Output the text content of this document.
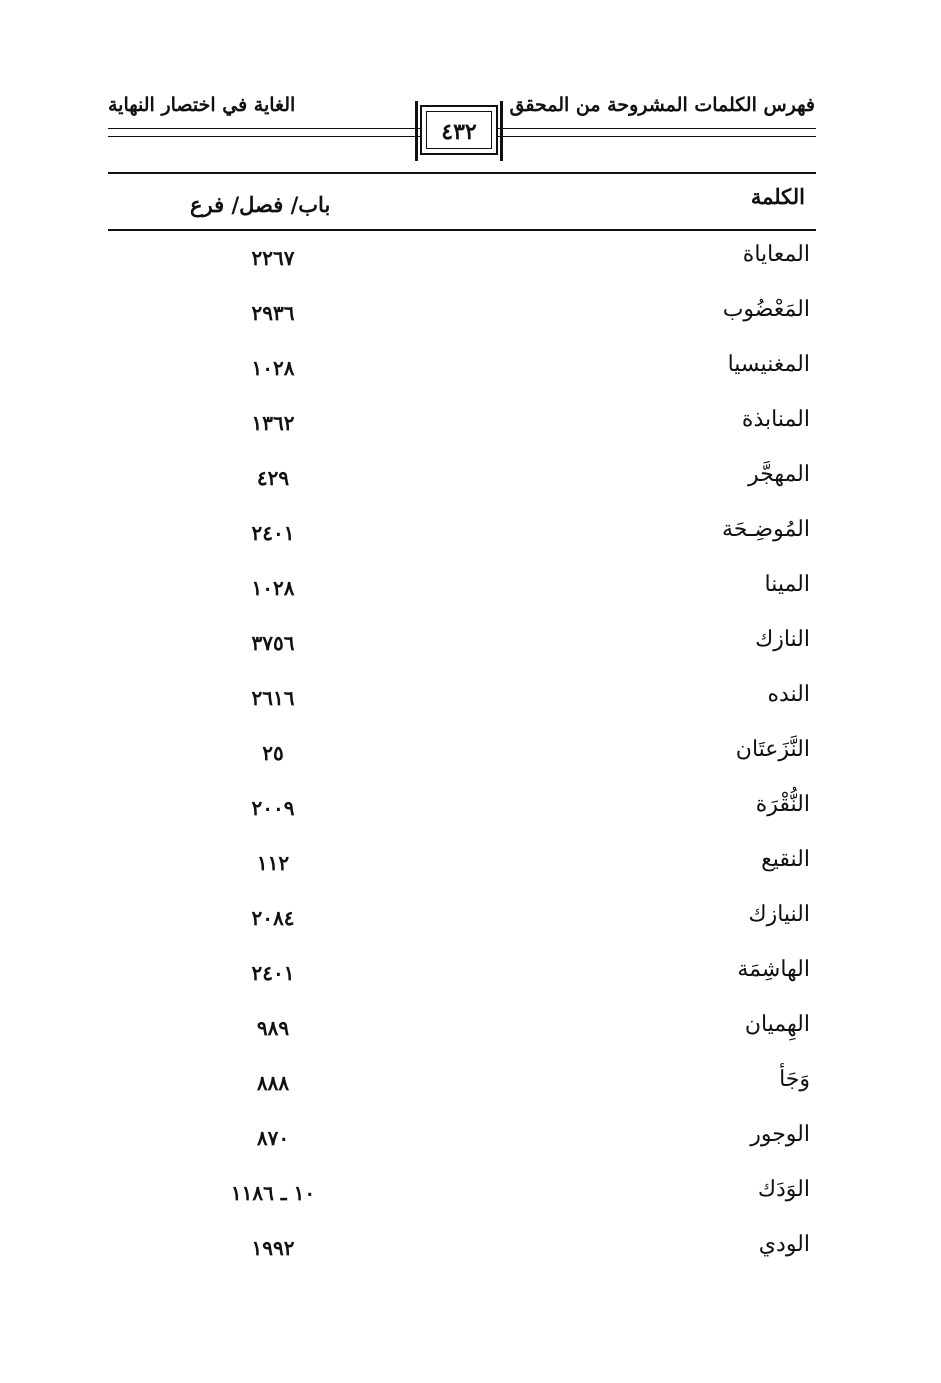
فهرس الكلمات المشروحة من المحقق
الغاية في اختصار النهاية
٤٣٢
الكلمة
باب/ فصل/ فرع
المعاياة
٢٢٦٧
المَعْضُوب
٢٩٣٦
المغنيسيا
١٠٢٨
المنابذة
١٣٦٢
المهجَّر
٤٢٩
المُوضِـحَة
٢٤٠١
المينا
١٠٢٨
النازك
٣٧٥٦
النده
٢٦١٦
النَّزَعتَان
٢٥
النُّقْرَة
٢٠٠٩
النقيع
١١٢
النيازك
٢٠٨٤
الهاشِمَة
٢٤٠١
الهِميان
٩٨٩
وَجَأ
٨٨٨
الوجور
٨٧٠
الوَدَك
١٠ ـ ١١٨٦
الودي
١٩٩٢
